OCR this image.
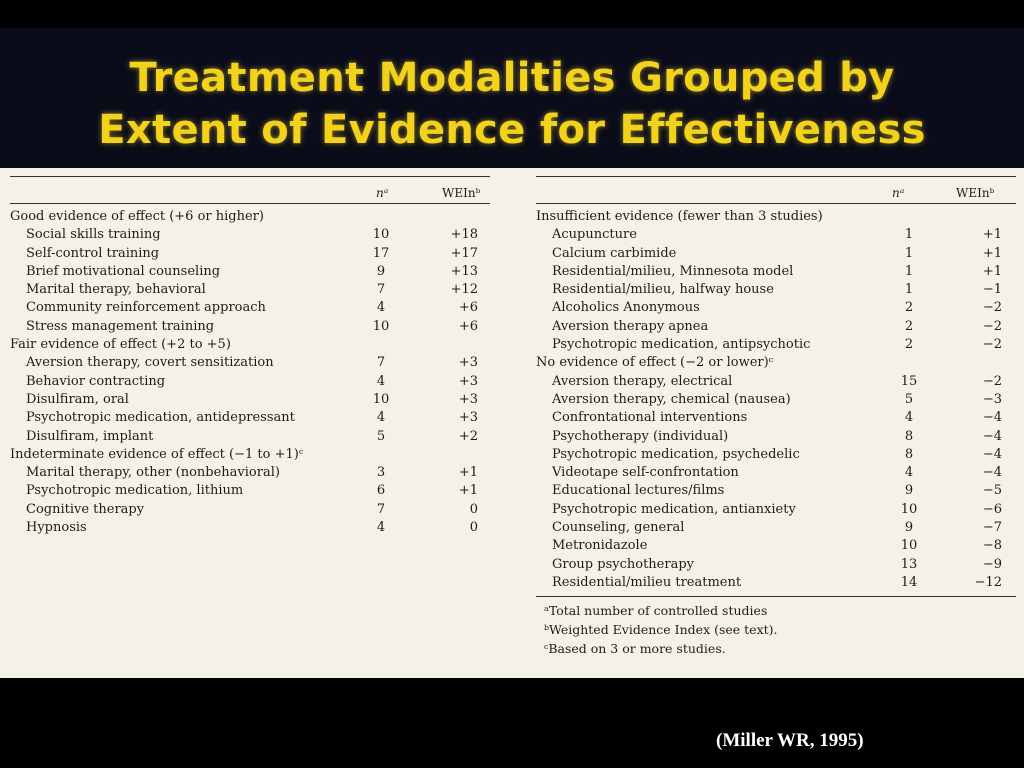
Treatment Modalities Grouped by
Extent of Evidence for Effectiveness
nᵃ	WEInᵇ
Good evidence of effect (+6 or higher)
Social skills training	10	+18
Self-control training	17	+17
Brief motivational counseling	9	+13
Marital therapy, behavioral	7	+12
Community reinforcement approach	4	+6
Stress management training	10	+6
Fair evidence of effect (+2 to +5)
Aversion therapy, covert sensitization	7	+3
Behavior contracting	4	+3
Disulfiram, oral	10	+3
Psychotropic medication, antidepressant	4	+3
Disulfiram, implant	5	+2
Indeterminate evidence of effect (−1 to +1)ᶜ
Marital therapy, other (nonbehavioral)	3	+1
Psychotropic medication, lithium	6	+1
Cognitive therapy	7	0
Hypnosis	4	0
nᵃ	WEInᵇ
Insufficient evidence (fewer than 3 studies)
Acupuncture	1	+1
Calcium carbimide	1	+1
Residential/milieu, Minnesota model	1	+1
Residential/milieu, halfway house	1	−1
Alcoholics Anonymous	2	−2
Aversion therapy apnea	2	−2
Psychotropic medication, antipsychotic	2	−2
No evidence of effect (−2 or lower)ᶜ
Aversion therapy, electrical	15	−2
Aversion therapy, chemical (nausea)	5	−3
Confrontational interventions	4	−4
Psychotherapy (individual)	8	−4
Psychotropic medication, psychedelic	8	−4
Videotape self-confrontation	4	−4
Educational lectures/films	9	−5
Psychotropic medication, antianxiety	10	−6
Counseling, general	9	−7
Metronidazole	10	−8
Group psychotherapy	13	−9
Residential/milieu treatment	14	−12
ᵃTotal number of controlled studies
ᵇWeighted Evidence Index (see text).
ᶜBased on 3 or more studies.
(Miller WR, 1995)
